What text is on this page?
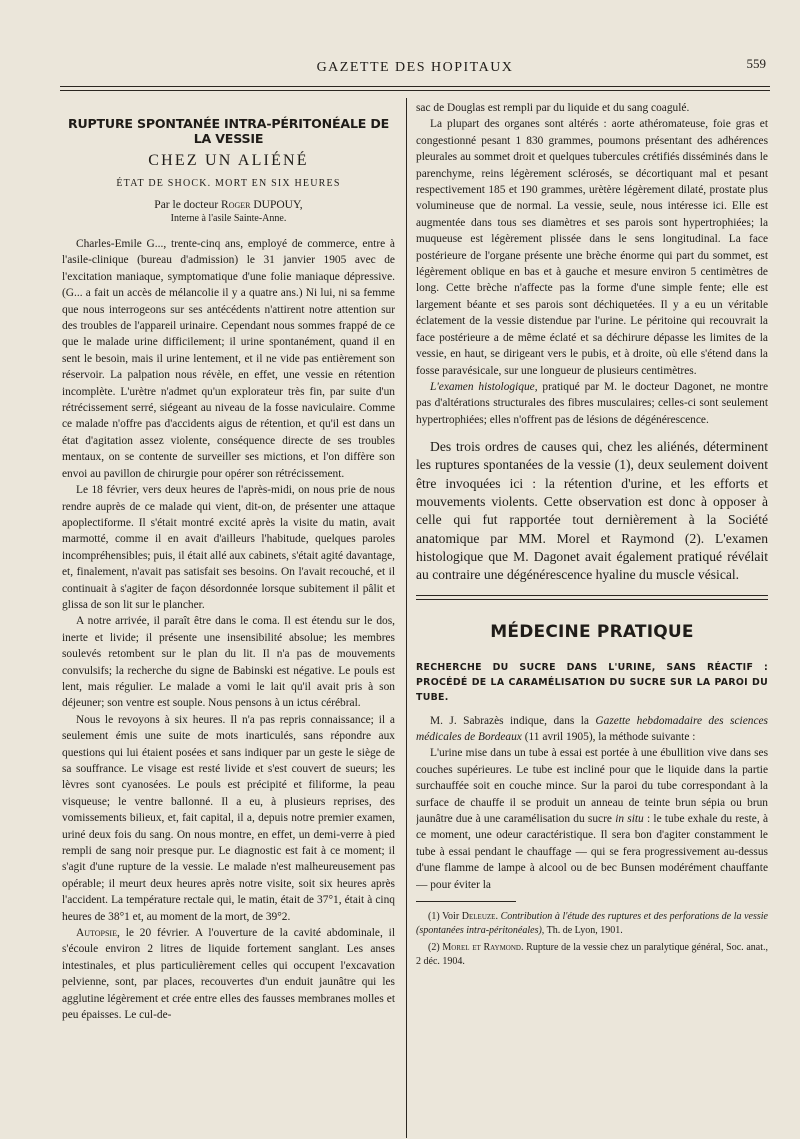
GAZETTE DES HOPITAUX	559
RUPTURE SPONTANÉE INTRA-PÉRITONÉALE DE LA VESSIE
CHEZ UN ALIÉNÉ
ÉTAT DE SHOCK. MORT EN SIX HEURES
Par le docteur Roger DUPOUY,
Interne à l'asile Sainte-Anne.

Charles-Emile G..., trente-cinq ans, employé de commerce, entre à l'asile-clinique (bureau d'admission) le 31 janvier 1905 avec de l'excitation maniaque, symptomatique d'une folie maniaque dépressive. (G... a fait un accès de mélancolie il y a quatre ans.) Ni lui, ni sa femme que nous interrogeons sur ses antécédents n'attirent notre attention sur des troubles de l'appareil urinaire. Cependant nous sommes frappé de ce que le malade urine difficilement; il urine spontanément, quand il en sent le besoin, mais il urine lentement, et il ne vide pas entièrement son réservoir. La palpation nous révèle, en effet, une vessie en rétention incomplète. L'urètre n'admet qu'un explorateur très fin, par suite d'un rétrécissement serré, siégeant au niveau de la fosse naviculaire. Comme ce malade n'offre pas d'accidents aigus de rétention, et qu'il est dans un état d'agitation assez violente, conséquence directe de ses troubles mentaux, on se contente de surveiller ses mictions, et l'on diffère son envoi au pavillon de chirurgie pour opérer son rétrécissement.

Le 18 février, vers deux heures de l'après-midi, on nous prie de nous rendre auprès de ce malade qui vient, dit-on, de présenter une attaque apoplectiforme. Il s'était montré excité après la visite du matin, avait marmotté, comme il en avait d'ailleurs l'habitude, quelques paroles incompréhensibles; puis, il était allé aux cabinets, s'était agité davantage, et, finalement, n'avait pas satisfait ses besoins. On l'avait recouché, et il continuait à s'agiter de façon désordonnée lorsque subitement il pâlit et glissa de son lit sur le plancher.

A notre arrivée, il paraît être dans le coma. Il est étendu sur le dos, inerte et livide; il présente une insensibilité absolue; les membres soulevés retombent sur le plan du lit. Il n'a pas de mouvements convulsifs; la recherche du signe de Babinski est négative. Le pouls est lent, mais régulier. Le malade a vomi le lait qu'il avait pris à son déjeuner; son ventre est souple. Nous pensons à un ictus cérébral.

Nous le revoyons à six heures. Il n'a pas repris connaissance; il a seulement émis une suite de mots inarticulés, sans répondre aux questions qui lui étaient posées et sans indiquer par un geste le siège de sa souffrance. Le visage est resté livide et s'est couvert de sueurs; les lèvres sont cyanosées. Le pouls est précipité et filiforme, la peau visqueuse; le ventre ballonné. Il a eu, à plusieurs reprises, des vomissements bilieux, et, fait capital, il a, depuis notre premier examen, uriné deux fois du sang. On nous montre, en effet, un demi-verre à pied rempli de sang noir presque pur. Le diagnostic est fait à ce moment; il s'agit d'une rupture de la vessie. Le malade n'est malheureusement pas opérable; il meurt deux heures après notre visite, soit six heures après l'accident. La température rectale qui, le matin, était de 37°1, était à cinq heures de 38°1 et, au moment de la mort, de 39°2.

Autopsie, le 20 février. A l'ouverture de la cavité abdominale, il s'écoule environ 2 litres de liquide fortement sanglant. Les anses intestinales, et plus particulièrement celles qui occupent l'excavation pelvienne, sont, par places, recouvertes d'un enduit jaunâtre qui les agglutine légèrement et crée entre elles des fausses membranes molles et peu épaisses. Le cul-de-

sac de Douglas est rempli par du liquide et du sang coagulé.

La plupart des organes sont altérés : aorte athéromateuse, foie gras et congestionné pesant 1 830 grammes, poumons présentant des adhérences pleurales au sommet droit et quelques tubercules crétifiés disséminés dans le parenchyme, reins légèrement sclérosés, se décortiquant mal et pesant respectivement 185 et 190 grammes, urètère légèrement dilaté, prostate plus volumineuse que de normal. La vessie, seule, nous intéresse ici. Elle est augmentée dans tous ses diamètres et ses parois sont hypertrophiées; la muqueuse est légèrement plissée dans le sens longitudinal. La face postérieure de l'organe présente une brèche énorme qui part du sommet, est légèrement oblique en bas et à gauche et mesure environ 5 centimètres de long. Cette brèche n'affecte pas la forme d'une simple fente; elle est largement béante et ses parois sont déchiquetées. Il y a eu un véritable éclatement de la vessie distendue par l'urine. Le péritoine qui recouvrait la face postérieure a de même éclaté et sa déchirure dépasse les limites de la vessie, en haut, se dirigeant vers le pubis, et à droite, où elle s'étend dans la fosse paravésicale, sur une longueur de plusieurs centimètres.

L'examen histologique, pratiqué par M. le docteur Dagonet, ne montre pas d'altérations structurales des fibres musculaires; celles-ci sont seulement hypertrophiées; elles n'offrent pas de lésions de dégénérescence.

Des trois ordres de causes qui, chez les aliénés, déterminent les ruptures spontanées de la vessie (1), deux seulement doivent être invoquées ici : la rétention d'urine, et les efforts et mouvements violents. Cette observation est donc à opposer à celle qui fut rapportée tout dernièrement à la Société anatomique par MM. Morel et Raymond (2). L'examen histologique que M. Dagonet avait également pratiqué révélait au contraire une dégénérescence hyaline du muscle vésical.

MÉDECINE PRATIQUE
RECHERCHE DU SUCRE DANS L'URINE, SANS RÉACTIF : PROCÉDÉ DE LA CARAMÉLISATION DU SUCRE SUR LA PAROI DU TUBE.

M. J. Sabrazès indique, dans la Gazette hebdomadaire des sciences médicales de Bordeaux (11 avril 1905), la méthode suivante :

L'urine mise dans un tube à essai est portée à une ébullition vive dans ses couches supérieures. Le tube est incliné pour que le liquide dans la partie surchauffée soit en couche mince. Sur la paroi du tube correspondant à la surface de chauffe il se produit un anneau de teinte brun sépia ou brun jaunâtre due à une caramélisation du sucre in situ : le tube exhale du reste, à ce moment, une odeur caractéristique. Il sera bon d'agiter constamment le tube à essai pendant le chauffage — qui se fera progressivement au-dessus d'une flamme de lampe à alcool ou de bec Bunsen modérément chauffante — pour éviter la

(1) Voir Deleuze. Contribution à l'étude des ruptures et des perforations de la vessie (spontanées intra-péritonéales), Th. de Lyon, 1901.

(2) Morel et Raymond. Rupture de la vessie chez un paralytique général, Soc. anat., 2 déc. 1904.
